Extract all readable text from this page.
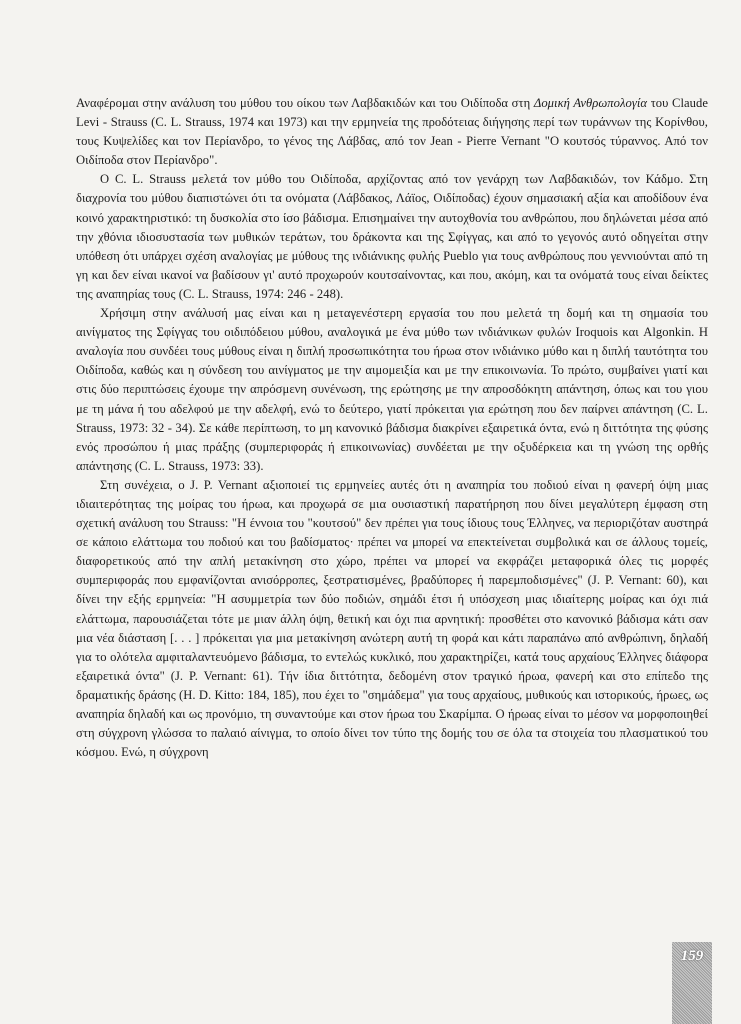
Αναφέρομαι στην ανάλυση του μύθου του οίκου των Λαβδακιδών και του Οιδίποδα στη Δομική Ανθρωπολογία του Claude Levi - Strauss (C. L. Strauss, 1974 και 1973) και την ερμηνεία της προδότειας διήγησης περί των τυράννων της Κορίνθου, τους Κυψελίδες και τον Περίανδρο, το γένος της Λάβδας, από τον Jean - Pierre Vernant "O κουτσός τύραννος. Από τον Οιδίποδα στον Περίανδρο".

O C. L. Strauss μελετά τον μύθο του Οιδίποδα, αρχίζοντας από τον γενάρχη των Λαβδακιδών, τον Κάδμο. Στη διαχρονία του μύθου διαπιστώνει ότι τα ονόματα (Λάβδακος, Λάϊος, Οιδίποδας) έχουν σημασιακή αξία και αποδίδουν ένα κοινό χαρακτηριστικό: τη δυσκολία στο ίσο βάδισμα. Επισημαίνει την αυτοχθονία του ανθρώπου, που δηλώνεται μέσα από την χθόνια ιδιοσυστασία των μυθικών τεράτων, του δράκοντα και της Σφίγγας, και από το γεγονός αυτό οδηγείται στην υπόθεση ότι υπάρχει σχέση αναλογίας με μύθους της ινδιάνικης φυλής Pueblo για τους ανθρώπους που γεννιούνται από τη γη και δεν είναι ικανοί να βαδίσουν γι' αυτό προχωρούν κουτσαίνοντας, και που, ακόμη, και τα ονόματά τους είναι δείκτες της αναπηρίας τους (C. L. Strauss, 1974: 246 - 248).

Χρήσιμη στην ανάλυσή μας είναι και η μεταγενέστερη εργασία του που μελετά τη δομή και τη σημασία του αινίγματος της Σφίγγας του οιδιπόδειου μύθου, αναλογικά με ένα μύθο των ινδιάνικων φυλών Iroquois και Algonkin. Η αναλογία που συνδέει τους μύθους είναι η διπλή προσωπικότητα του ήρωα στον ινδιάνικο μύθο και η διπλή ταυτότητα του Οιδίποδα, καθώς και η σύνδεση του αινίγματος με την αιμομειξία και με την επικοινωνία. Το πρώτο, συμβαίνει γιατί και στις δύο περιπτώσεις έχουμε την απρόσμενη συνένωση, της ερώτησης με την απροσδόκητη απάντηση, όπως και του γιου με τη μάνα ή του αδελφού με την αδελφή, ενώ το δεύτερο, γιατί πρόκειται για ερώτηση που δεν παίρνει απάντηση (C. L. Strauss, 1973: 32 - 34). Σε κάθε περίπτωση, το μη κανονικό βάδισμα διακρίνει εξαιρετικά όντα, ενώ η διττότητα της φύσης ενός προσώπου ή μιας πράξης (συμπεριφοράς ή επικοινωνίας) συνδέεται με την οξυδέρκεια και τη γνώση της ορθής απάντησης (C. L. Strauss, 1973: 33).

Στη συνέχεια, ο J. P. Vernant αξιοποιεί τις ερμηνείες αυτές ότι η αναπηρία του ποδιού είναι η φανερή όψη μιας ιδιαιτερότητας της μοίρας του ήρωα, και προχωρά σε μια ουσιαστική παρατήρηση που δίνει μεγαλύτερη έμφαση στη σχετική ανάλυση του Strauss: "Η έννοια του "κουτσού" δεν πρέπει για τους ίδιους τους Έλληνες, να περιοριζόταν αυστηρά σε κάποιο ελάττωμα του ποδιού και του βαδίσματος· πρέπει να μπορεί να επεκτείνεται συμβολικά και σε άλλους τομείς, διαφορετικούς από την απλή μετακίνηση στο χώρο, πρέπει να μπορεί να εκφράζει μεταφορικά όλες τις μορφές συμπεριφοράς που εμφανίζονται ανισόρροπες, ξεστρατισμένες, βραδύπορες ή παρεμποδισμένες" (J. P. Vernant: 60), και δίνει την εξής ερμηνεία: "Η ασυμμετρία των δύο ποδιών, σημάδι έτσι ή υπόσχεση μιας ιδιαίτερης μοίρας και όχι πιά ελάττωμα, παρουσιάζεται τότε με μιαν άλλη όψη, θετική και όχι πια αρνητική: προσθέτει στο κανονικό βάδισμα κάτι σαν μια νέα διάσταση [. . . ] πρόκειται για μια μετακίνηση ανώτερη αυτή τη φορά και κάτι παραπάνω από ανθρώπινη, δηλαδή για το ολότελα αμφιταλαντευόμενο βάδισμα, το εντελώς κυκλικό, που χαρακτηρίζει, κατά τους αρχαίους Έλληνες διάφορα εξαιρετικά όντα" (J. P. Vernant: 61). Τήν ίδια διττότητα, δεδομένη στον τραγικό ήρωα, φανερή και στο επίπεδο της δραματικής δράσης (H. D. Kitto: 184, 185), που έχει το "σημάδεμα" για τους αρχαίους, μυθικούς και ιστορικούς, ήρωες, ως αναπηρία δηλαδή και ως προνόμιο, τη συναντούμε και στον ήρωα του Σκαρίμπα. Ο ήρωας είναι το μέσον να μορφοποιηθεί στη σύγχρονη γλώσσα το παλαιό αίνιγμα, το οποίο δίνει τον τύπο της δομής του σε όλα τα στοιχεία του πλασματικού του κόσμου. Ενώ, η σύγχρονη

159
